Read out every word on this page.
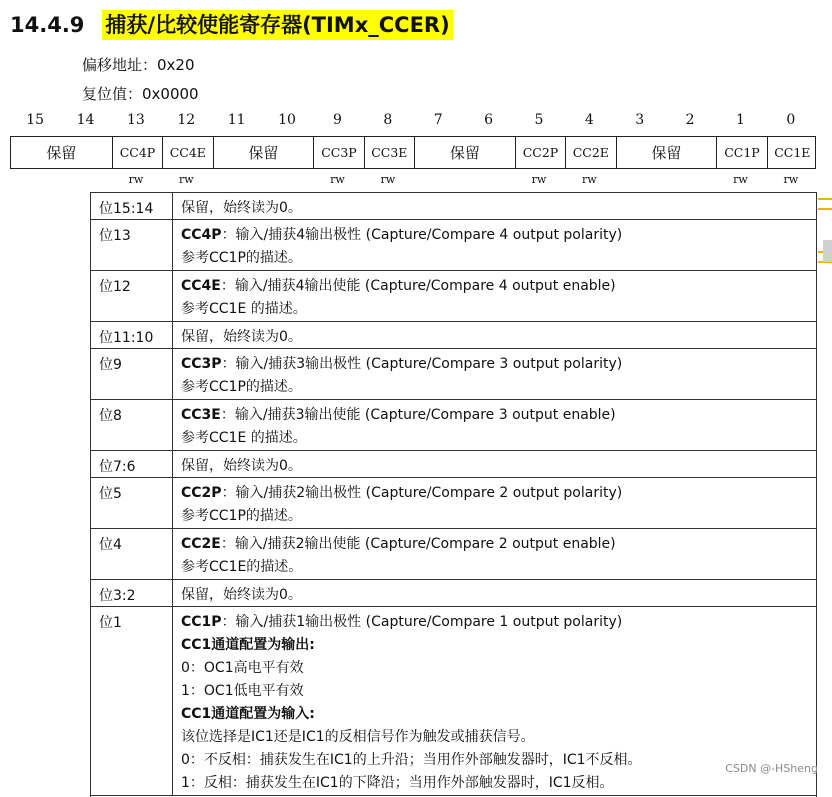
14.4.9 捕获/比较使能寄存器(TIMx_CCER)
偏移地址：0x20
复位值：0x0000
15	14	13	12	11	10	9	8	7	6	5	4	3	2	1	0
保留	CC4P	CC4E	保留	CC3P	CC3E	保留	CC2P	CC2E	保留	CC1P	CC1E
rw	rw	rw	rw	rw	rw	rw	rw
位15:14	保留，始终读为0。
位13	CC4P：输入/捕获4输出极性 (Capture/Compare 4 output polarity)
参考CC1P的描述。
位12	CC4E：输入/捕获4输出使能 (Capture/Compare 4 output enable)
参考CC1E 的描述。
位11:10	保留，始终读为0。
位9	CC3P：输入/捕获3输出极性 (Capture/Compare 3 output polarity)
参考CC1P的描述。
位8	CC3E：输入/捕获3输出使能 (Capture/Compare 3 output enable)
参考CC1E 的描述。
位7:6	保留，始终读为0。
位5	CC2P：输入/捕获2输出极性 (Capture/Compare 2 output polarity)
参考CC1P的描述。
位4	CC2E：输入/捕获2输出使能 (Capture/Compare 2 output enable)
参考CC1E的描述。
位3:2	保留，始终读为0。
位1	CC1P：输入/捕获1输出极性 (Capture/Compare 1 output polarity)
CC1通道配置为输出:
0：OC1高电平有效
1：OC1低电平有效
CC1通道配置为输入:
该位选择是IC1还是IC1的反相信号作为触发或捕获信号。
0：不反相：捕获发生在IC1的上升沿；当用作外部触发器时，IC1不反相。
1：反相：捕获发生在IC1的下降沿；当用作外部触发器时，IC1反相。
CSDN @-HSheng
